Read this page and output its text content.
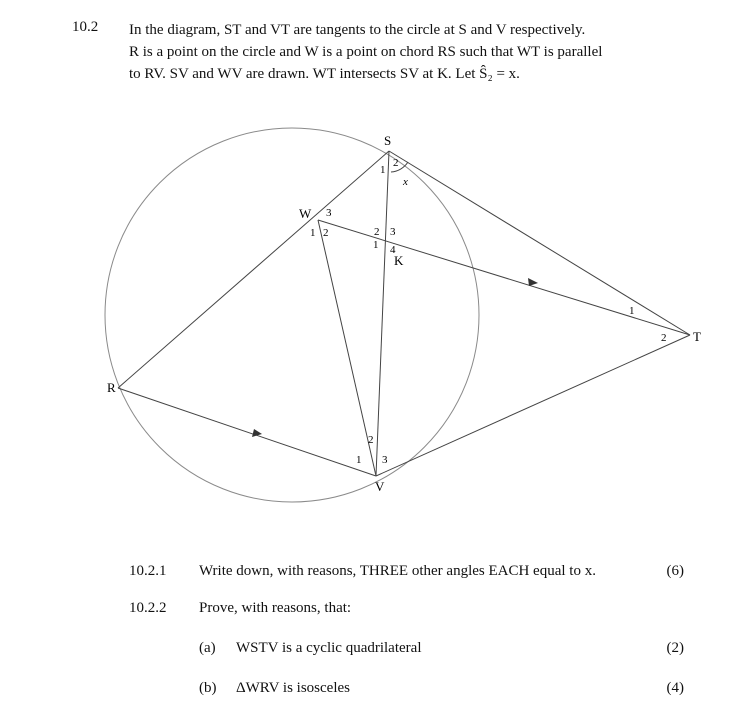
10.2 In the diagram, ST and VT are tangents to the circle at S and V respectively.

R is a point on the circle and W is a point on chord RS such that WT is parallel

to RV. SV and WV are drawn. WT intersects SV at K. Let Ŝ₂ = x.

S
W
K
T
R
V
1
2
x
3
1 2	2 3
1 4
1
2
2
1 3
10.2.1 Write down, with reasons, THREE other angles EACH equal to x.	(6)
10.2.2 Prove, with reasons, that:
(a) WSTV is a cyclic quadrilateral	(2)
(b) ΔWRV is isosceles	(4)
